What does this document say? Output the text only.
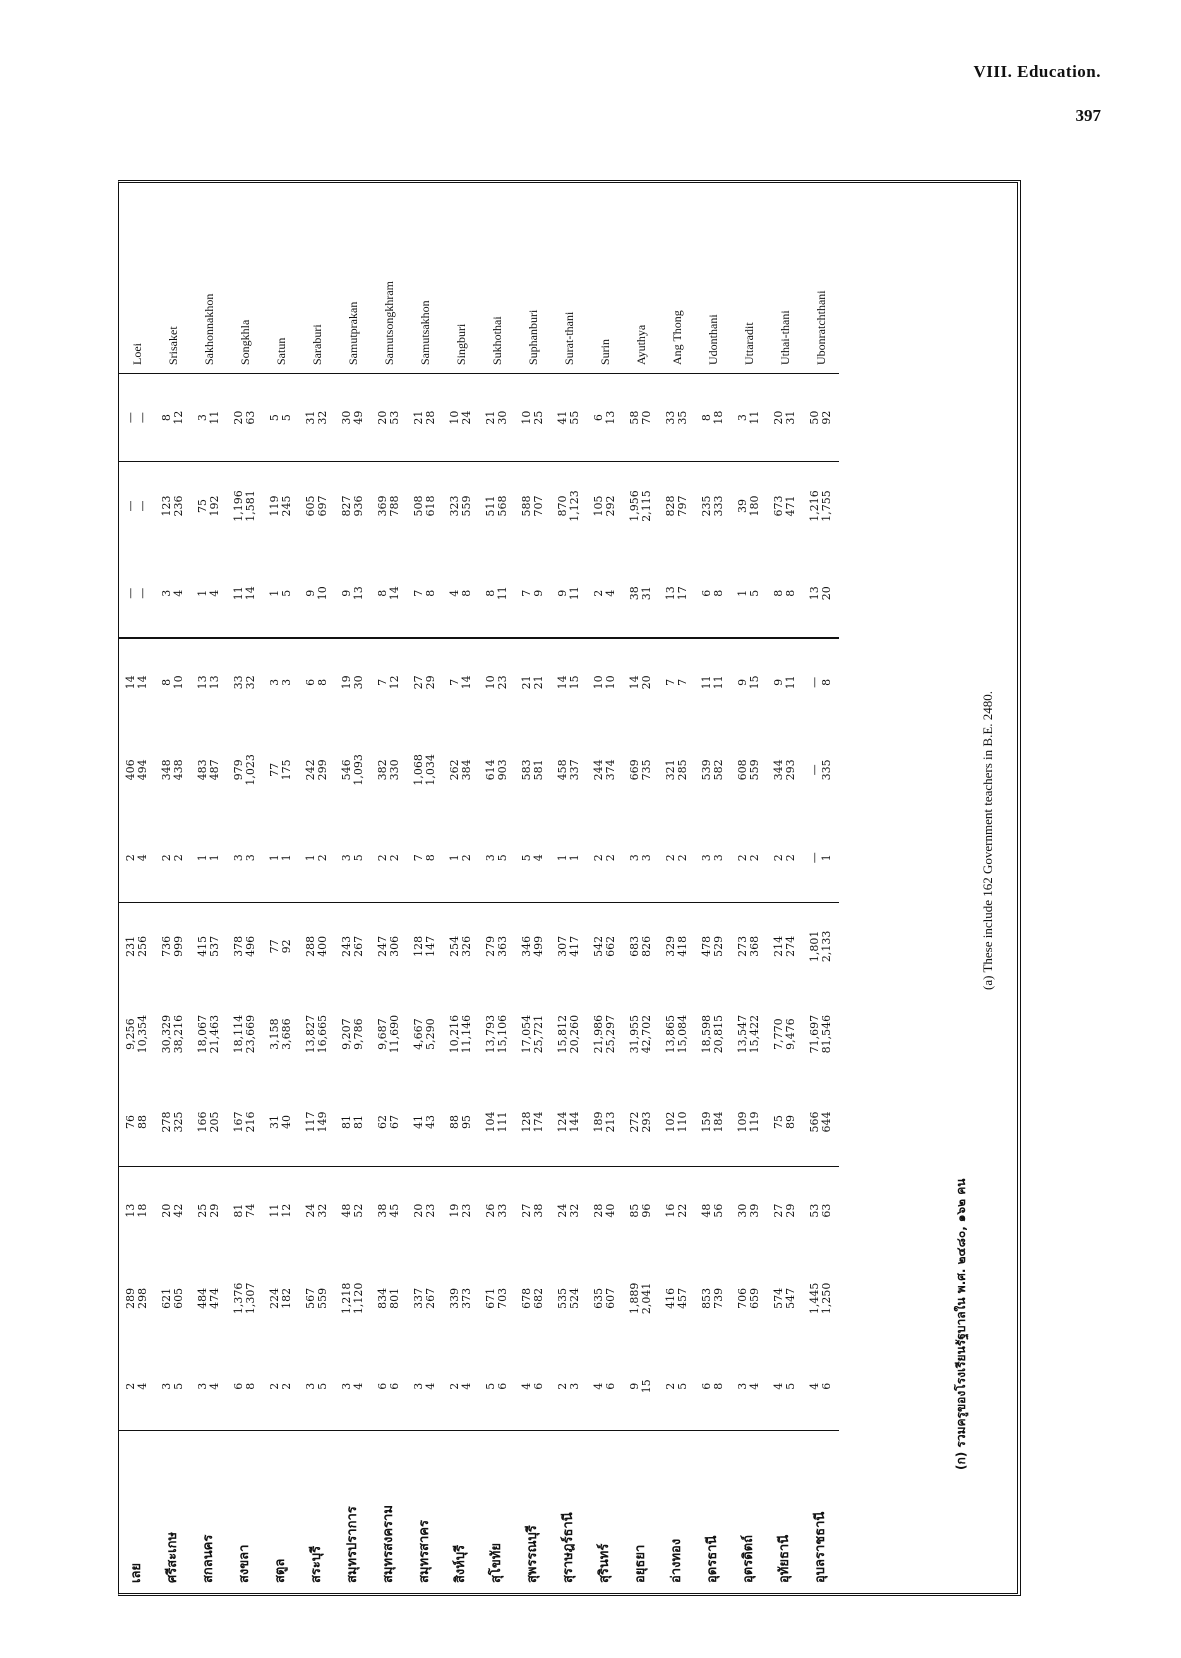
VIII. Education.
397
เลย	2 4	289 298	13 18	76 88	9,256 10,354	231 256	2 4	406 494	14 14	— —	— —	— —	Loei
ศรีสะเกษ	3 5	621 605	20 42	278 325	30,329 38,216	736 999	2 2	348 438	8 10	3 4	123 236	8 12	Srisaket
สกลนคร	3 4	484 474	25 29	166 205	18,067 21,463	415 537	1 1	483 487	13 13	1 4	75 192	3 11	Sakhonnakhon
สงขลา	6 8	1,376 1,307	81 74	167 216	18,114 23,669	378 496	3 3	979 1,023	33 32	11 14	1,196 1,581	20 63	Songkhla
สตูล	2 2	224 182	11 12	31 40	3,158 3,686	77 92	1 1	77 175	3 3	1 5	119 245	5 5	Satun
สระบุรี	3 5	567 559	24 32	117 149	13,827 16,665	288 400	1 2	242 299	6 8	9 10	605 697	31 32	Saraburi
สมุทรปราการ	3 4	1,218 1,120	48 52	81 81	9,207 9,786	243 267	3 5	546 1,093	19 30	9 13	827 936	30 49	Samutprakan
สมุทรสงคราม	6 6	834 801	38 45	62 67	9,687 11,690	247 306	2 2	382 330	7 12	8 14	369 788	20 53	Samutsongkhram
สมุทรสาคร	3 4	337 267	20 23	41 43	4,667 5,290	128 147	7 8	1,068 1,034	27 29	7 8	508 618	21 28	Samutsakhon
สิงห์บุรี	2 4	339 373	19 23	88 95	10,216 11,146	254 326	1 2	262 384	7 14	4 8	323 559	10 24	Singburi
สุโขทัย	5 6	671 703	26 33	104 111	13,793 15,106	279 363	3 5	614 903	10 23	8 11	511 568	21 30	Sukhothai
สุพรรณบุรี	4 6	678 682	27 38	128 174	17,054 25,721	346 499	5 4	583 581	21 21	7 9	588 707	10 25	Suphanburi
สุราษฎร์ธานี	2 3	535 524	24 32	124 144	15,812 20,260	307 417	1 1	458 337	14 15	9 11	870 1,123	41 55	Surat-thani
สุรินทร์	4 6	635 607	28 40	189 213	21,986 25,297	542 662	2 2	244 374	10 10	2 4	105 292	6 13	Surin
อยุธยา	9 15	1,889 2,041	85 96	272 293	31,955 42,702	683 826	3 3	669 735	14 20	38 31	1,956 2,115	58 70	Ayuthya
อ่างทอง	2 5	416 457	16 22	102 110	13,865 15,084	329 418	2 2	321 285	7 7	13 17	828 797	33 35	Ang Thong
อุดรธานี	6 8	853 739	48 56	159 184	18,598 20,815	478 529	3 3	539 582	11 11	6 8	235 333	8 18	Udonthani
อุตรดิตถ์	3 4	706 659	30 39	109 119	13,547 15,422	273 368	2 2	608 559	9 15	1 5	39 180	3 11	Uttaradit
อุทัยธานี	4 5	574 547	27 29	75 89	7,770 9,476	214 274	2 2	344 293	9 11	8 8	673 471	20 31	Uthai-thani
อุบลราชธานี	4 6	1,445 1,250	53 63	566 644	71,697 81,546	1,801 2,133	— 1	— 335	— 8	13 20	1,216 1,755	50 92	Ubonratchthani
(ก) รวมครูของโรงเรียนรัฐบาลใน พ.ศ. ๒๔๘๐, ๑๖๒ คน
(a) These include 162 Government teachers in B.E. 2480.
